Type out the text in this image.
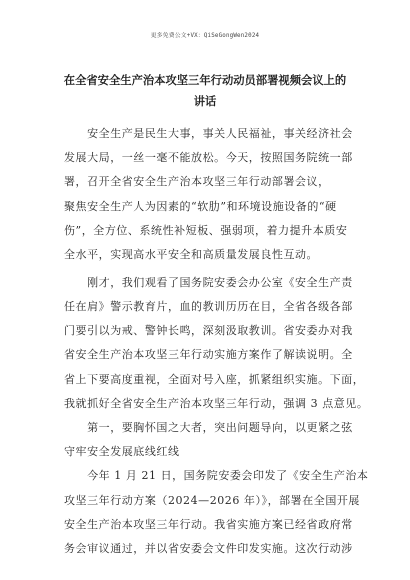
更多免费公文+VX：QiSeGongWen2024
在全省安全生产治本攻坚三年行动动员部署视频会议上的
讲话
　　安全生产是民生大事，事关人民福祉，事关经济社会
发展大局，一丝一毫不能放松。今天，按照国务院统一部
署，召开全省安全生产治本攻坚三年行动部署会议，
聚焦安全生产人为因素的“软肋”和环境设施设备的“硬
伤”，全方位、系统性补短板、强弱项，着力提升本质安
全水平，实现高水平安全和高质量发展良性互动。
　　刚才，我们观看了国务院安委会办公室《安全生产责
任在肩》警示教育片，血的教训历历在目，全省各级各部
门要引以为戒、警钟长鸣，深刻汲取教训。省安委办对我
省安全生产治本攻坚三年行动实施方案作了解读说明。全
省上下要高度重视，全面对号入座，抓紧组织实施。下面，
我就抓好全省安全生产治本攻坚三年行动，强调 3 点意见。
　　第一，要胸怀国之大者，突出问题导向，以更紧之弦
守牢安全发展底线红线
　　今年 1 月 21 日，国务院安委会印发了《安全生产治本
攻坚三年行动方案（2024—2026 年）》，部署在全国开展
安全生产治本攻坚三年行动。我省实施方案已经省政府常
务会审议通过，并以省安委会文件印发实施。这次行动涉
